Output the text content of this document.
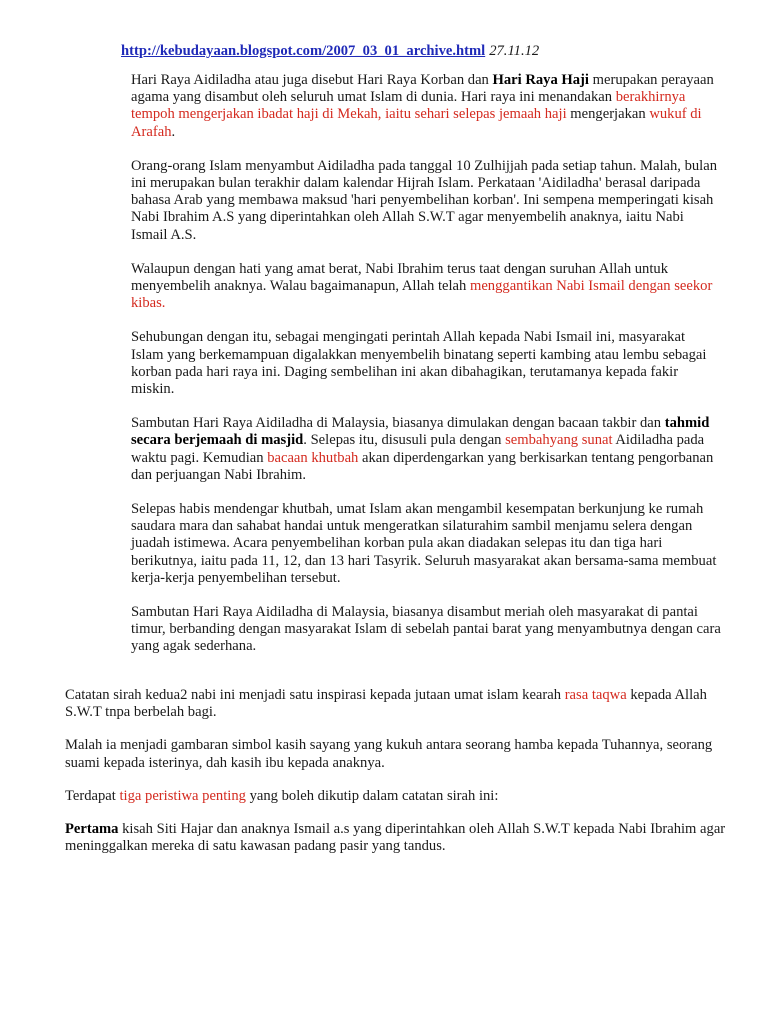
http://kebudayaan.blogspot.com/2007_03_01_archive.html 27.11.12

Hari Raya Aidiladha atau juga disebut Hari Raya Korban dan Hari Raya Haji merupakan perayaan agama yang disambut oleh seluruh umat Islam di dunia. Hari raya ini menandakan berakhirnya tempoh mengerjakan ibadat haji di Mekah, iaitu sehari selepas jemaah haji mengerjakan wukuf di Arafah.

Orang-orang Islam menyambut Aidiladha pada tanggal 10 Zulhijjah pada setiap tahun. Malah, bulan ini merupakan bulan terakhir dalam kalendar Hijrah Islam. Perkataan 'Aidiladha' berasal daripada bahasa Arab yang membawa maksud 'hari penyembelihan korban'. Ini sempena memperingati kisah Nabi Ibrahim A.S yang diperintahkan oleh Allah S.W.T agar menyembelih anaknya, iaitu Nabi Ismail A.S.

Walaupun dengan hati yang amat berat, Nabi Ibrahim terus taat dengan suruhan Allah untuk menyembelih anaknya. Walau bagaimanapun, Allah telah menggantikan Nabi Ismail dengan seekor kibas.

Sehubungan dengan itu, sebagai mengingati perintah Allah kepada Nabi Ismail ini, masyarakat Islam yang berkemampuan digalakkan menyembelih binatang seperti kambing atau lembu sebagai korban pada hari raya ini. Daging sembelihan ini akan dibahagikan, terutamanya kepada fakir miskin.

Sambutan Hari Raya Aidiladha di Malaysia, biasanya dimulakan dengan bacaan takbir dan tahmid secara berjemaah di masjid. Selepas itu, disusuli pula dengan sembahyang sunat Aidiladha pada waktu pagi. Kemudian bacaan khutbah akan diperdengarkan yang berkisarkan tentang pengorbanan dan perjuangan Nabi Ibrahim.

Selepas habis mendengar khutbah, umat Islam akan mengambil kesempatan berkunjung ke rumah saudara mara dan sahabat handai untuk mengeratkan silaturahim sambil menjamu selera dengan juadah istimewa. Acara penyembelihan korban pula akan diadakan selepas itu dan tiga hari berikutnya, iaitu pada 11, 12, dan 13 hari Tasyrik. Seluruh masyarakat akan bersama-sama membuat kerja-kerja penyembelihan tersebut.

Sambutan Hari Raya Aidiladha di Malaysia, biasanya disambut meriah oleh masyarakat di pantai timur, berbanding dengan masyarakat Islam di sebelah pantai barat yang menyambutnya dengan cara yang agak sederhana.

Catatan sirah kedua2 nabi ini menjadi satu inspirasi kepada jutaan umat islam kearah rasa taqwa kepada Allah S.W.T tnpa berbelah bagi.

Malah ia menjadi gambaran simbol kasih sayang yang kukuh antara seorang hamba kepada Tuhannya, seorang suami kepada isterinya, dah kasih ibu kepada anaknya.

Terdapat tiga peristiwa penting yang boleh dikutip dalam catatan sirah ini:

Pertama kisah Siti Hajar dan anaknya Ismail a.s yang diperintahkan oleh Allah S.W.T kepada Nabi Ibrahim agar meninggalkan mereka di satu kawasan padang pasir yang tandus.
